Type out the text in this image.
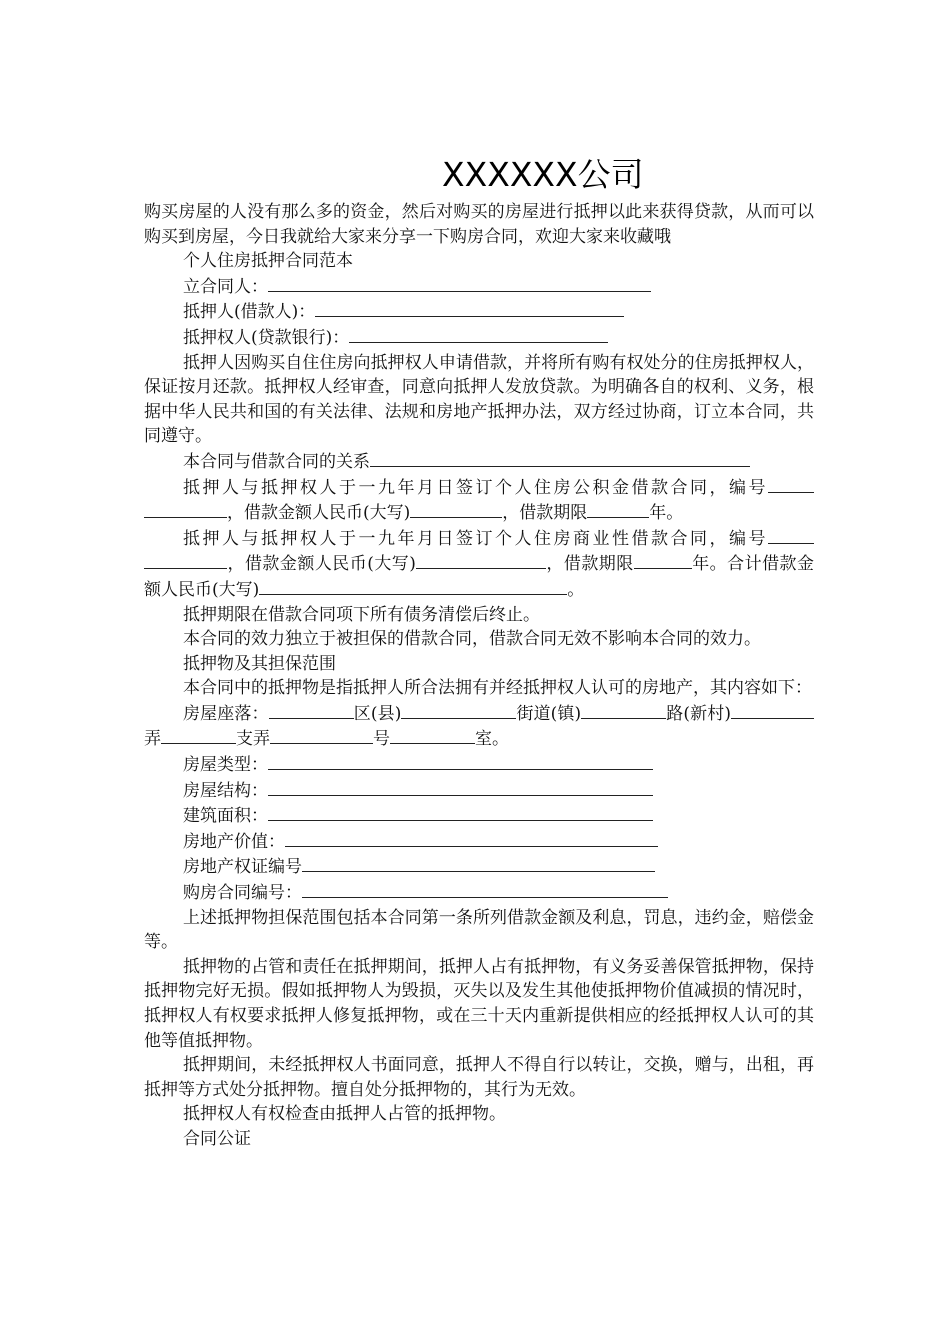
XXXXXX公司

购买房屋的人没有那么多的资金，然后对购买的房屋进行抵押以此来获得贷款，从而可以购买到房屋，今日我就给大家来分享一下购房合同，欢迎大家来收藏哦

个人住房抵押合同范本

立合同人：

抵押人(借款人)：

抵押权人(贷款银行)：

抵押人因购买自住住房向抵押权人申请借款，并将所有购有权处分的住房抵押权人，保证按月还款。抵押权人经审查，同意向抵押人发放贷款。为明确各自的权利、义务，根据中华人民共和国的有关法律、法规和房地产抵押办法，双方经过协商，订立本合同，共同遵守。

本合同与借款合同的关系

抵押人与抵押权人于一九年月日签订个人住房公积金借款合同，编号，借款金额人民币(大写)	，借款期限	年。

抵押人与抵押权人于一九年月日签订个人住房商业性借款合同，编号，借款金额人民币(大写)	，借款期限	年。合计借款金额人民币(大写)	。

抵押期限在借款合同项下所有债务清偿后终止。

本合同的效力独立于被担保的借款合同，借款合同无效不影响本合同的效力。

抵押物及其担保范围

本合同中的抵押物是指抵押人所合法拥有并经抵押权人认可的房地产，其内容如下：

房屋座落：	区(县)	街道(镇)	路(新村)弄	支弄	号	室。

房屋类型：

房屋结构：

建筑面积：

房地产价值：

房地产权证编号

购房合同编号：

上述抵押物担保范围包括本合同第一条所列借款金额及利息，罚息，违约金，赔偿金等。

抵押物的占管和责任在抵押期间，抵押人占有抵押物，有义务妥善保管抵押物，保持抵押物完好无损。假如抵押物人为毁损，灭失以及发生其他使抵押物价值减损的情况时，抵押权人有权要求抵押人修复抵押物，或在三十天内重新提供相应的经抵押权人认可的其他等值抵押物。

抵押期间，未经抵押权人书面同意，抵押人不得自行以转让，交换，赠与，出租，再抵押等方式处分抵押物。擅自处分抵押物的，其行为无效。

抵押权人有权检查由抵押人占管的抵押物。

合同公证
